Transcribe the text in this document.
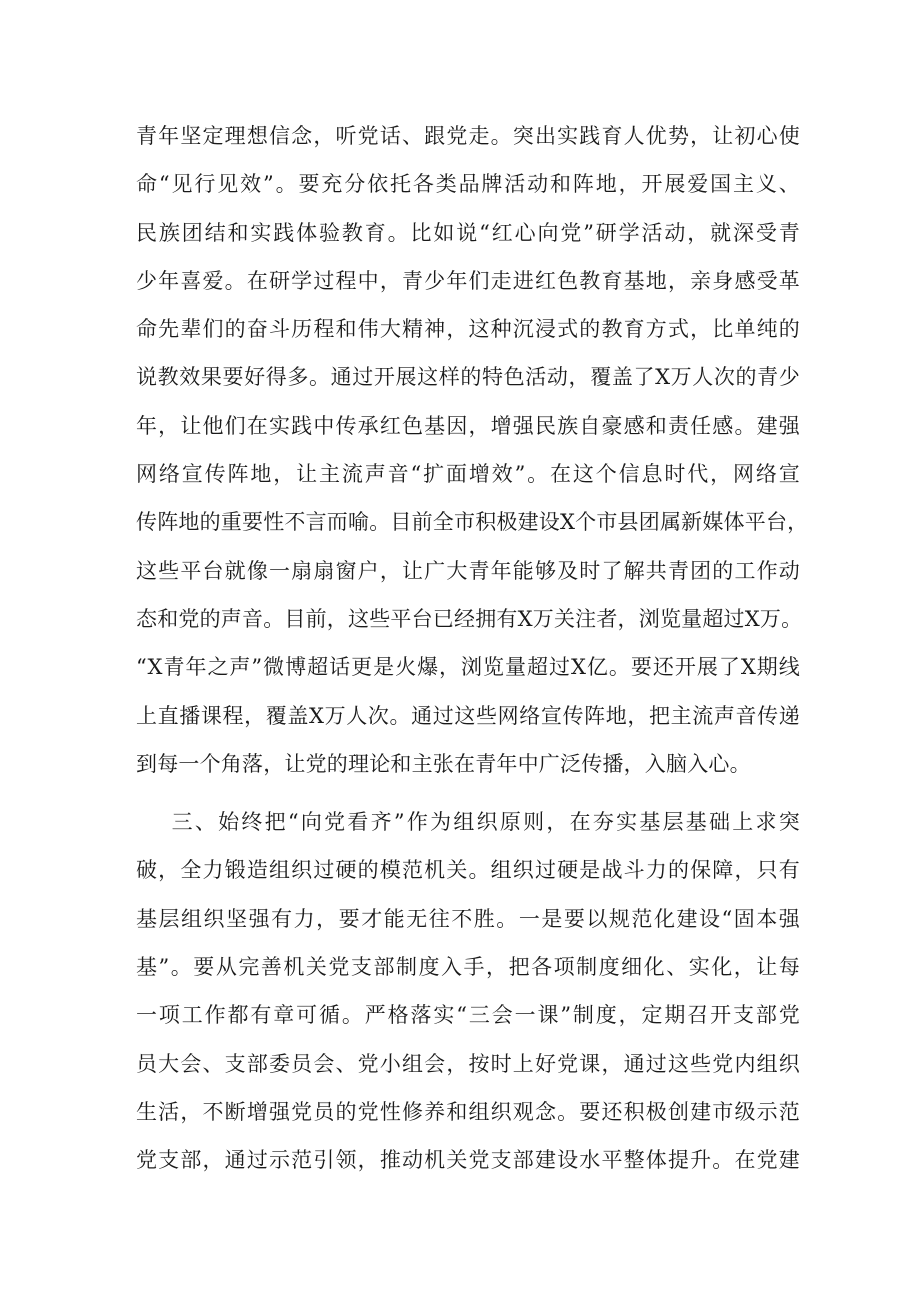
青年坚定理想信念，听党话、跟党走。突出实践育人优势，让初心使
命“见行见效”。要充分依托各类品牌活动和阵地，开展爱国主义、
民族团结和实践体验教育。比如说“红心向党”研学活动，就深受青
少年喜爱。在研学过程中，青少年们走进红色教育基地，亲身感受革
命先辈们的奋斗历程和伟大精神，这种沉浸式的教育方式，比单纯的
说教效果要好得多。通过开展这样的特色活动，覆盖了X万人次的青少
年，让他们在实践中传承红色基因，增强民族自豪感和责任感。建强
网络宣传阵地，让主流声音“扩面增效”。在这个信息时代，网络宣
传阵地的重要性不言而喻。目前全市积极建设X个市县团属新媒体平台，
这些平台就像一扇扇窗户，让广大青年能够及时了解共青团的工作动
态和党的声音。目前，这些平台已经拥有X万关注者，浏览量超过X万。
“X青年之声”微博超话更是火爆，浏览量超过X亿。要还开展了X期线
上直播课程，覆盖X万人次。通过这些网络宣传阵地，把主流声音传递
到每一个角落，让党的理论和主张在青年中广泛传播，入脑入心。
三、始终把“向党看齐”作为组织原则，在夯实基层基础上求突
破，全力锻造组织过硬的模范机关。组织过硬是战斗力的保障，只有
基层组织坚强有力，要才能无往不胜。一是要以规范化建设“固本强
基”。要从完善机关党支部制度入手，把各项制度细化、实化，让每
一项工作都有章可循。严格落实“三会一课”制度，定期召开支部党
员大会、支部委员会、党小组会，按时上好党课，通过这些党内组织
生活，不断增强党员的党性修养和组织观念。要还积极创建市级示范
党支部，通过示范引领，推动机关党支部建设水平整体提升。在党建
